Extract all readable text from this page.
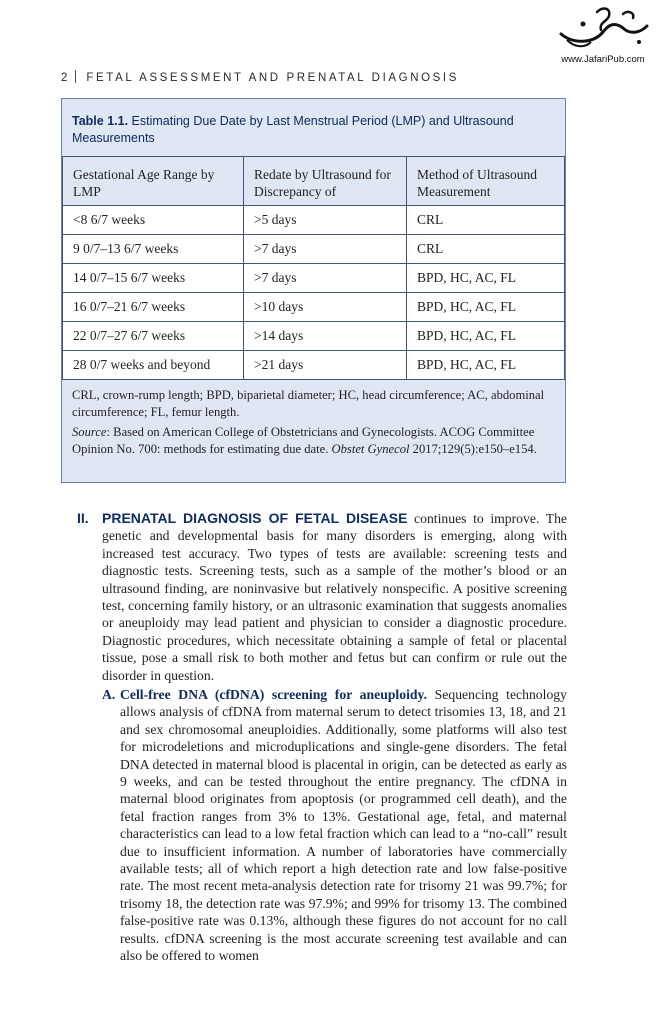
www.JafariPub.com
2 FETAL ASSESSMENT AND PRENATAL DIAGNOSIS
Table 1.1. Estimating Due Date by Last Menstrual Period (LMP) and Ultrasound Measurements
Gestational Age Range by LMP	Redate by Ultrasound for Discrepancy of	Method of Ultrasound Measurement
<8 6/7 weeks	>5 days	CRL
9 0/7–13 6/7 weeks	>7 days	CRL
14 0/7–15 6/7 weeks	>7 days	BPD, HC, AC, FL
16 0/7–21 6/7 weeks	>10 days	BPD, HC, AC, FL
22 0/7–27 6/7 weeks	>14 days	BPD, HC, AC, FL
28 0/7 weeks and beyond	>21 days	BPD, HC, AC, FL

CRL, crown-rump length; BPD, biparietal diameter; HC, head circumference; AC, abdominal circumference; FL, femur length.

Source: Based on American College of Obstetricians and Gynecologists. ACOG Committee Opinion No. 700: methods for estimating due date. Obstet Gynecol 2017;129(5):e150–e154.

II. PRENATAL DIAGNOSIS OF FETAL DISEASE continues to improve. The genetic and developmental basis for many disorders is emerging, along with increased test accuracy. Two types of tests are available: screening tests and diagnostic tests. Screening tests, such as a sample of the mother’s blood or an ultrasound finding, are noninvasive but relatively nonspecific. A positive screening test, concerning family history, or an ultrasonic examination that suggests anomalies or aneuploidy may lead patient and physician to consider a diagnostic procedure. Diagnostic procedures, which necessitate obtaining a sample of fetal or placental tissue, pose a small risk to both mother and fetus but can confirm or rule out the disorder in question.

A. Cell-free DNA (cfDNA) screening for aneuploidy. Sequencing technology allows analysis of cfDNA from maternal serum to detect trisomies 13, 18, and 21 and sex chromosomal aneuploidies. Additionally, some platforms will also test for microdeletions and microduplications and single-gene disorders. The fetal DNA detected in maternal blood is placental in origin, can be detected as early as 9 weeks, and can be tested throughout the entire pregnancy. The cfDNA in maternal blood originates from apoptosis (or programmed cell death), and the fetal fraction ranges from 3% to 13%. Gestational age, fetal, and maternal characteristics can lead to a low fetal fraction which can lead to a “no-call” result due to insufficient information. A number of laboratories have commercially available tests; all of which report a high detection rate and low false-positive rate. The most recent meta-analysis detection rate for trisomy 21 was 99.7%; for trisomy 18, the detection rate was 97.9%; and 99% for trisomy 13. The combined false-positive rate was 0.13%, although these figures do not account for no call results. cfDNA screening is the most accurate screening test available and can also be offered to women
